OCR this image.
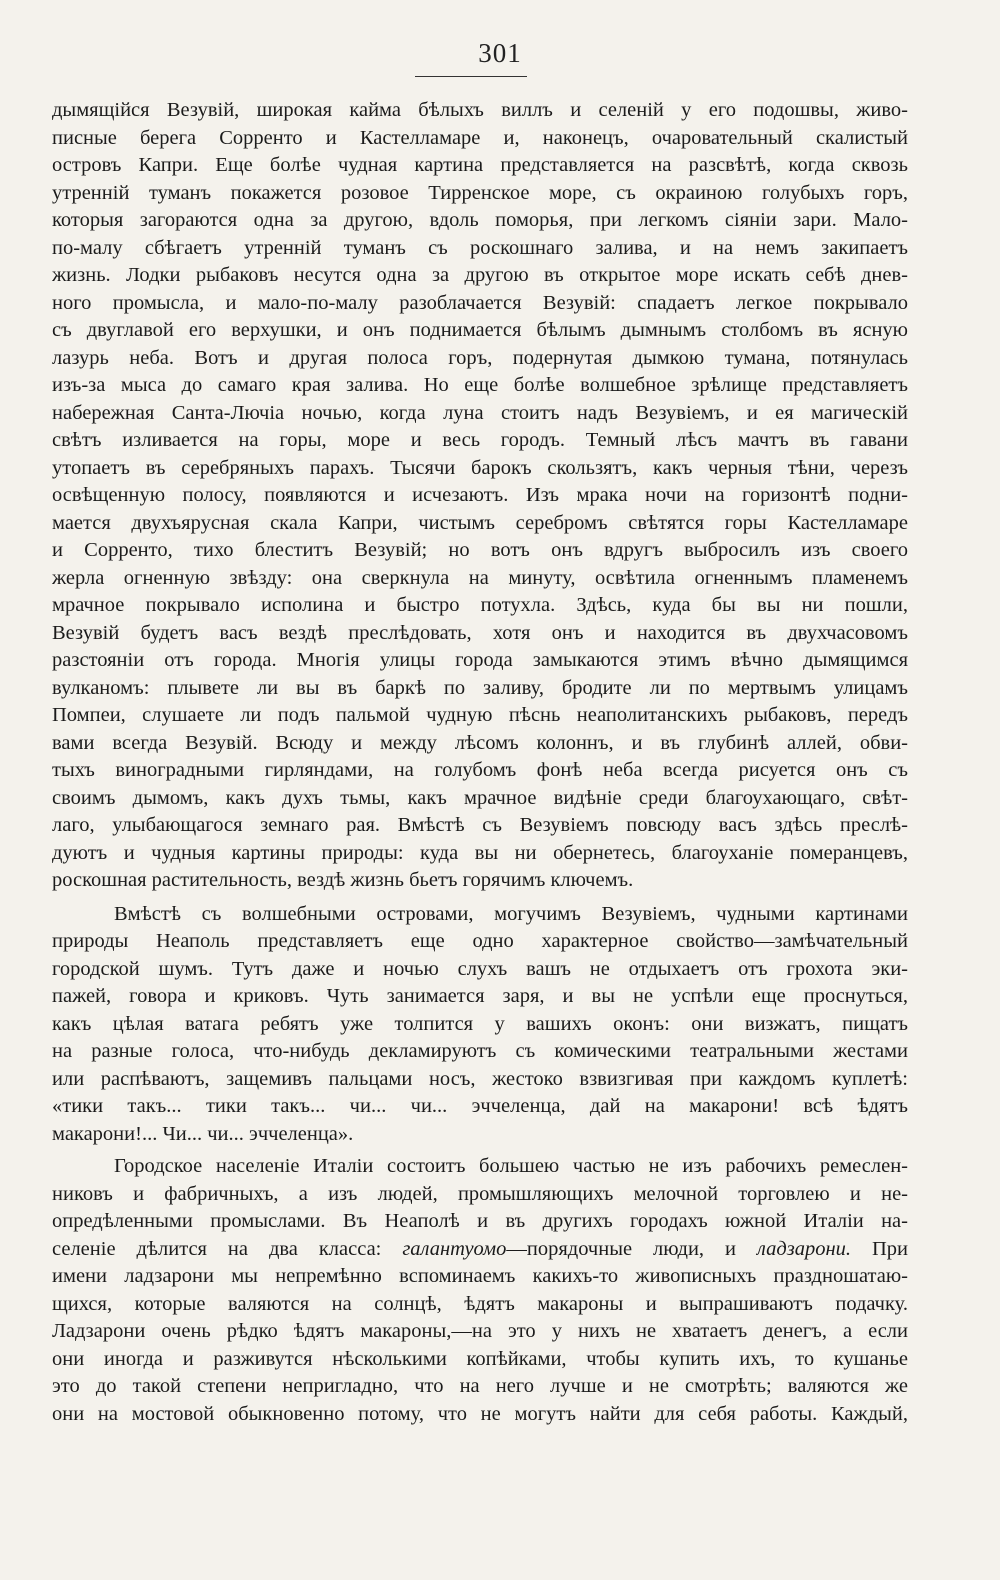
301
дымящійся Везувій, широкая кайма бѣлыхъ виллъ и селеній у его подошвы, живо-
писные берега Сорренто и Кастелламаре и, наконецъ, очаровательный скалистый
островъ Капри. Еще болѣе чудная картина представляется на разсвѣтѣ, когда сквозь
утренній туманъ покажется розовое Тирренское море, съ окраиною голубыхъ горъ,
которыя загораются одна за другою, вдоль поморья, при легкомъ сіяніи зари. Мало-
по-малу сбѣгаетъ утренній туманъ съ роскошнаго залива, и на немъ закипаетъ
жизнь. Лодки рыбаковъ несутся одна за другою въ открытое море искать себѣ днев-
ного промысла, и мало-по-малу разоблачается Везувій: спадаетъ легкое покрывало
съ двуглавой его верхушки, и онъ поднимается бѣлымъ дымнымъ столбомъ въ ясную
лазурь неба. Вотъ и другая полоса горъ, подернутая дымкою тумана, потянулась
изъ-за мыса до самаго края залива. Но еще болѣе волшебное зрѣлище представляетъ
набережная Санта-Лючіа ночью, когда луна стоитъ надъ Везувіемъ, и ея магическій
свѣтъ изливается на горы, море и весь городъ. Темный лѣсъ мачтъ въ гавани
утопаетъ въ серебряныхъ парахъ. Тысячи барокъ скользятъ, какъ черныя тѣни, черезъ
освѣщенную полосу, появляются и исчезаютъ. Изъ мрака ночи на горизонтѣ подни-
мается двухъярусная скала Капри, чистымъ серебромъ свѣтятся горы Кастелламаре
и Сорренто, тихо блеститъ Везувій; но вотъ онъ вдругъ выбросилъ изъ своего
жерла огненную звѣзду: она сверкнула на минуту, освѣтила огненнымъ пламенемъ
мрачное покрывало исполина и быстро потухла. Здѣсь, куда бы вы ни пошли,
Везувій будетъ васъ вездѣ преслѣдовать, хотя онъ и находится въ двухчасовомъ
разстояніи отъ города. Многія улицы города замыкаются этимъ вѣчно дымящимся
вулканомъ: плывете ли вы въ баркѣ по заливу, бродите ли по мертвымъ улицамъ
Помпеи, слушаете ли подъ пальмой чудную пѣснь неаполитанскихъ рыбаковъ, передъ
вами всегда Везувій. Всюду и между лѣсомъ колоннъ, и въ глубинѣ аллей, обви-
тыхъ виноградными гирляндами, на голубомъ фонѣ неба всегда рисуется онъ съ
своимъ дымомъ, какъ духъ тьмы, какъ мрачное видѣніе среди благоухающаго, свѣт-
лаго, улыбающагося земнаго рая. Вмѣстѣ съ Везувіемъ повсюду васъ здѣсь преслѣ-
дуютъ и чудныя картины природы: куда вы ни обернетесь, благоуханіе померанцевъ,
роскошная растительность, вездѣ жизнь бьетъ горячимъ ключемъ.
Вмѣстѣ съ волшебными островами, могучимъ Везувіемъ, чудными картинами
природы Неаполь представляетъ еще одно характерное свойство—замѣчательный
городской шумъ. Тутъ даже и ночью слухъ вашъ не отдыхаетъ отъ грохота эки-
пажей, говора и криковъ. Чуть занимается заря, и вы не успѣли еще проснуться,
какъ цѣлая ватага ребятъ уже толпится у вашихъ оконъ: они визжатъ, пищатъ
на разные голоса, что-нибудь декламируютъ съ комическими театральными жестами
или распѣваютъ, защемивъ пальцами носъ, жестоко взвизгивая при каждомъ куплетѣ:
«тики такъ... тики такъ... чи... чи... эччеленца, дай на макарони! всѣ ѣдятъ
макарони!... Чи... чи... эччеленца».
Городское населеніе Италіи состоитъ большею частью не изъ рабочихъ ремеслен-
никовъ и фабричныхъ, а изъ людей, промышляющихъ мелочной торговлею и не-
опредѣленными промыслами. Въ Неаполѣ и въ другихъ городахъ южной Италіи на-
селеніе дѣлится на два класса: галантуомо—порядочные люди, и ладзарони. При
имени ладзарони мы непремѣнно вспоминаемъ какихъ-то живописныхъ праздношатаю-
щихся, которые валяются на солнцѣ, ѣдятъ макароны и выпрашиваютъ подачку.
Ладзарони очень рѣдко ѣдятъ макароны,—на это у нихъ не хватаетъ денегъ, а если
они иногда и разживутся нѣсколькими копѣйками, чтобы купить ихъ, то кушанье
это до такой степени непригладно, что на него лучше и не смотрѣть; валяются же
они на мостовой обыкновенно потому, что не могутъ найти для себя работы. Каждый,
